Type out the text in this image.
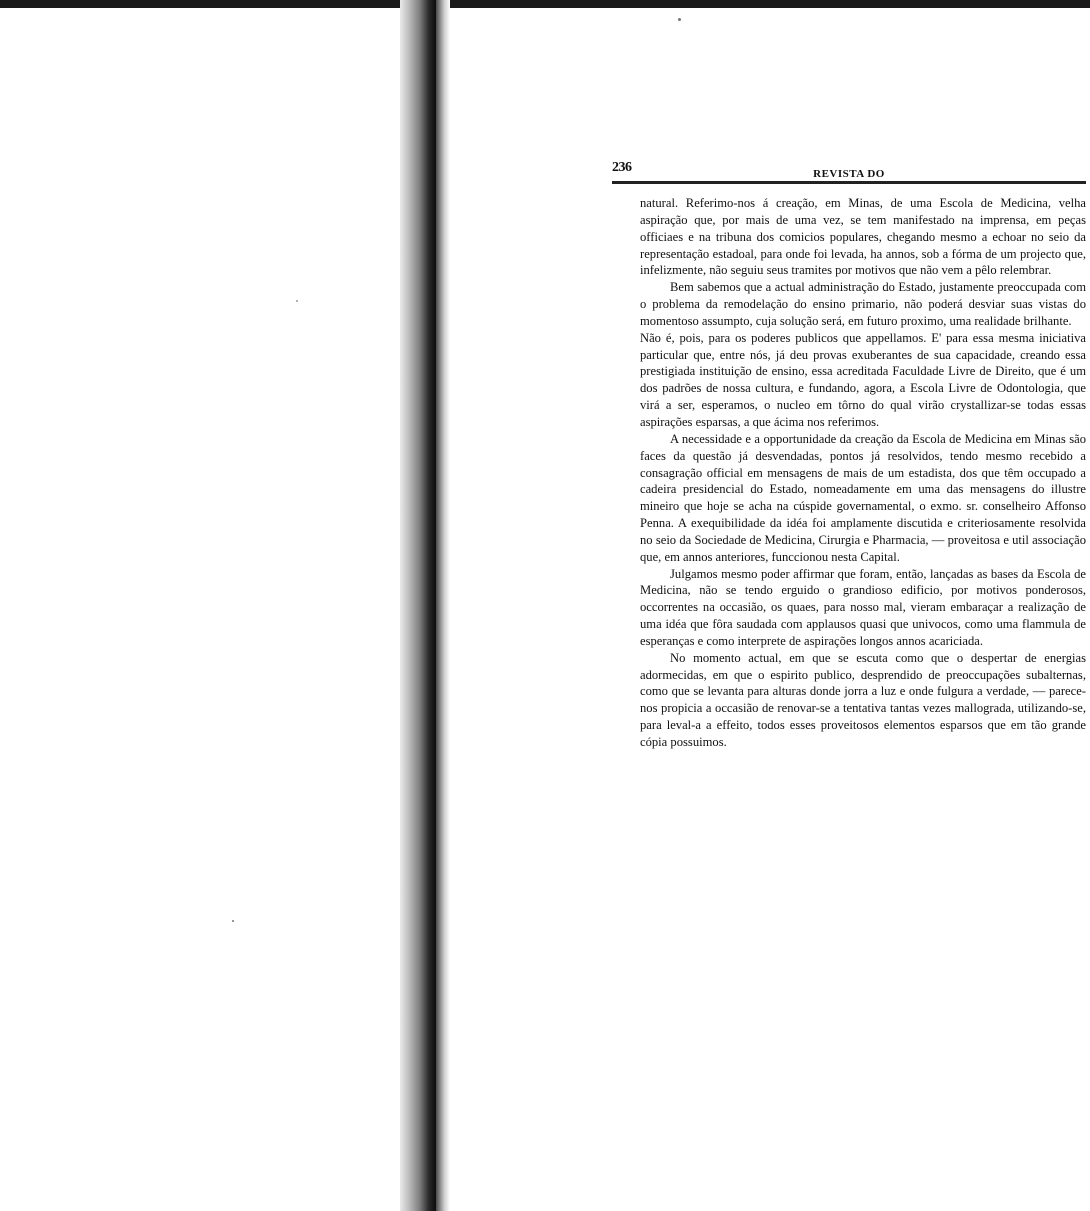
236	REVISTA DO

natural. Referimo-nos á creação, em Minas, de uma Escola de Medicina, velha aspiração que, por mais de uma vez, se tem manifestado na imprensa, em peças officiaes e na tribuna dos comicios populares, chegando mesmo a echoar no seio da representação estadoal, para onde foi levada, ha annos, sob a fórma de um projecto que, infelizmente, não seguiu seus tramites por motivos que não vem a pêlo relembrar.

Bem sabemos que a actual administração do Estado, justamente preoccupada com o problema da remodelação do ensino primario, não poderá desviar suas vistas do momentoso assumpto, cuja solução será, em futuro proximo, uma realidade brilhante.

Não é, pois, para os poderes publicos que appellamos. E' para essa mesma iniciativa particular que, entre nós, já deu provas exuberantes de sua capacidade, creando essa prestigiada instituição de ensino, essa acreditada Faculdade Livre de Direito, que é um dos padrões de nossa cultura, e fundando, agora, a Escola Livre de Odontologia, que virá a ser, esperamos, o nucleo em tôrno do qual virão crystallizar-se todas essas aspirações esparsas, a que ácima nos referimos.

A necessidade e a opportunidade da creação da Escola de Medicina em Minas são faces da questão já desvendadas, pontos já resolvidos, tendo mesmo recebido a consagração official em mensagens de mais de um estadista, dos que têm occupado a cadeira presidencial do Estado, nomeadamente em uma das mensagens do illustre mineiro que hoje se acha na cúspide governamental, o exmo. sr. conselheiro Affonso Penna. A exequibilidade da idéa foi amplamente discutida e criteriosamente resolvida no seio da Sociedade de Medicina, Cirurgia e Pharmacia, — proveitosa e util associação que, em annos anteriores, funccionou nesta Capital.

Julgamos mesmo poder affirmar que foram, então, lançadas as bases da Escola de Medicina, não se tendo erguido o grandioso edificio, por motivos ponderosos, occorrentes na occasião, os quaes, para nosso mal, vieram embaraçar a realização de uma idéa que fôra saudada com applausos quasi que univocos, como uma flammula de esperanças e como interprete de aspirações longos annos acariciada.

No momento actual, em que se escuta como que o despertar de energias adormecidas, em que o espirito publico, desprendido de preoccupações subalternas, como que se levanta para alturas donde jorra a luz e onde fulgura a verdade, — parece-nos propicia a occasião de renovar-se a tentativa tantas vezes mallograda, utilizando-se, para leval-a a effeito, todos esses proveitosos elementos esparsos que em tão grande cópia possuimos.
